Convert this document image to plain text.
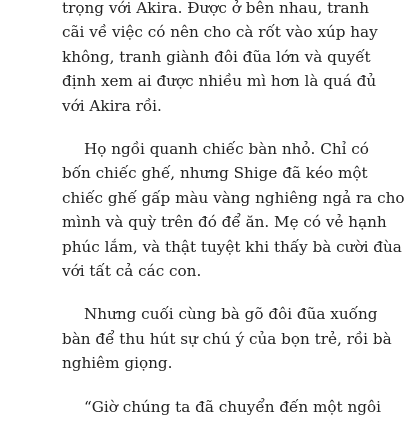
trọng với Akira. Được ở bên nhau, tranh
cãi về việc có nên cho cà rốt vào xúp hay
không, tranh giành đôi đũa lớn và quyết
định xem ai được nhiều mì hơn là quá đủ
với Akira rồi.

Họ ngồi quanh chiếc bàn nhỏ. Chỉ có
bốn chiếc ghế, nhưng Shige đã kéo một
chiếc ghế gấp màu vàng nghiêng ngả ra cho
mình và quỳ trên đó để ăn. Mẹ có vẻ hạnh
phúc lắm, và thật tuyệt khi thấy bà cười đùa
với tất cả các con.

Nhưng cuối cùng bà gõ đôi đũa xuống
bàn để thu hút sự chú ý của bọn trẻ, rồi bà
nghiêm giọng.

“Giờ chúng ta đã chuyển đến một ngôi
